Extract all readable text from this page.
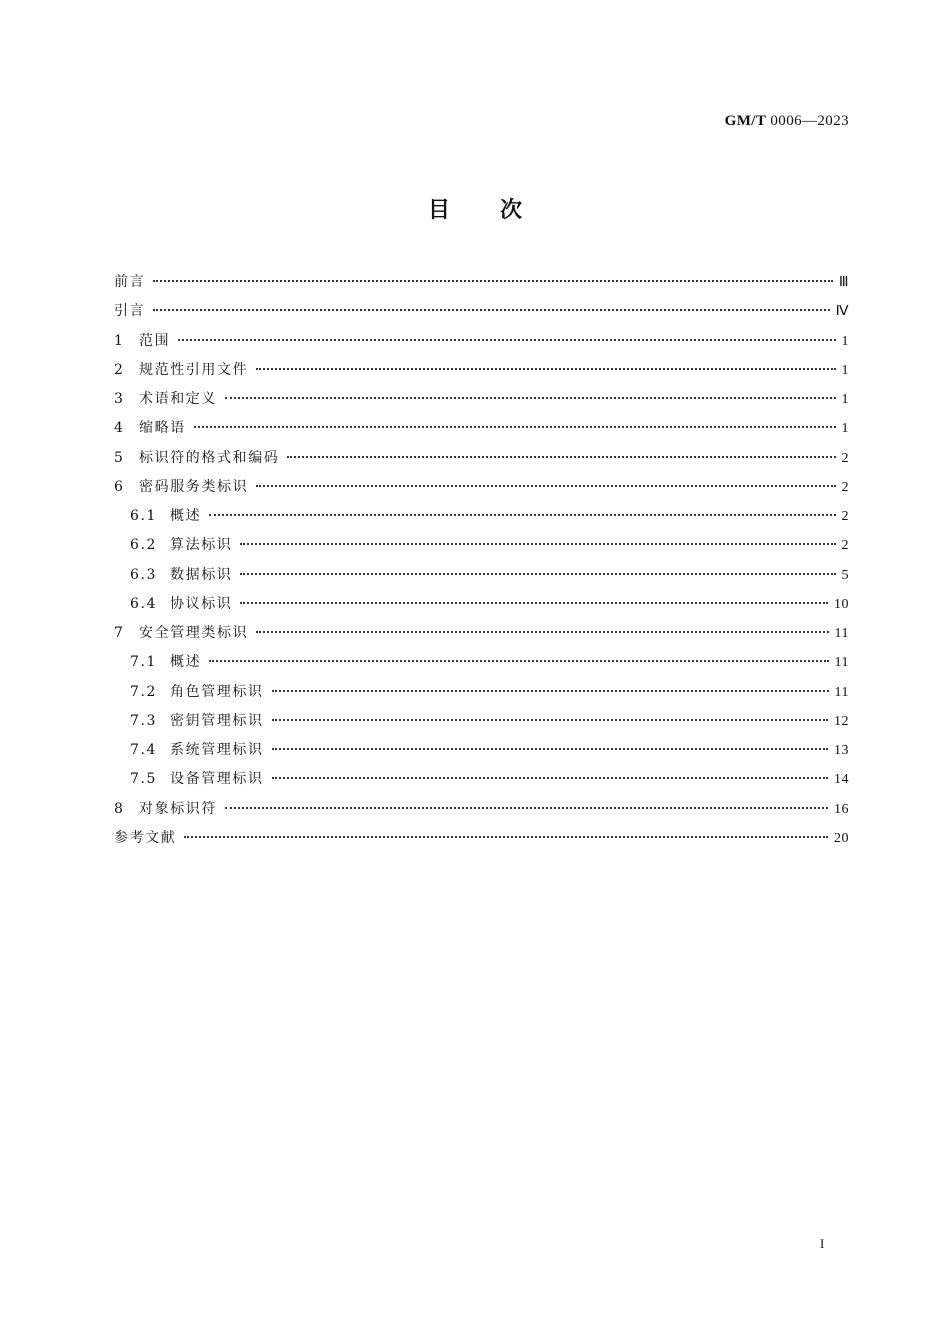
GM/T 0006—2023
目 次
前言	Ⅲ
引言	Ⅳ
1	范围	1
2	规范性引用文件	1
3	术语和定义	1
4	缩略语	1
5	标识符的格式和编码	2
6	密码服务类标识	2
6.1 概述	2
6.2 算法标识	2
6.3 数据标识	5
6.4 协议标识	10
7	安全管理类标识	11
7.1 概述	11
7.2 角色管理标识	11
7.3 密钥管理标识	12
7.4 系统管理标识	13
7.5 设备管理标识	14
8	对象标识符	16
参考文献	20
I
